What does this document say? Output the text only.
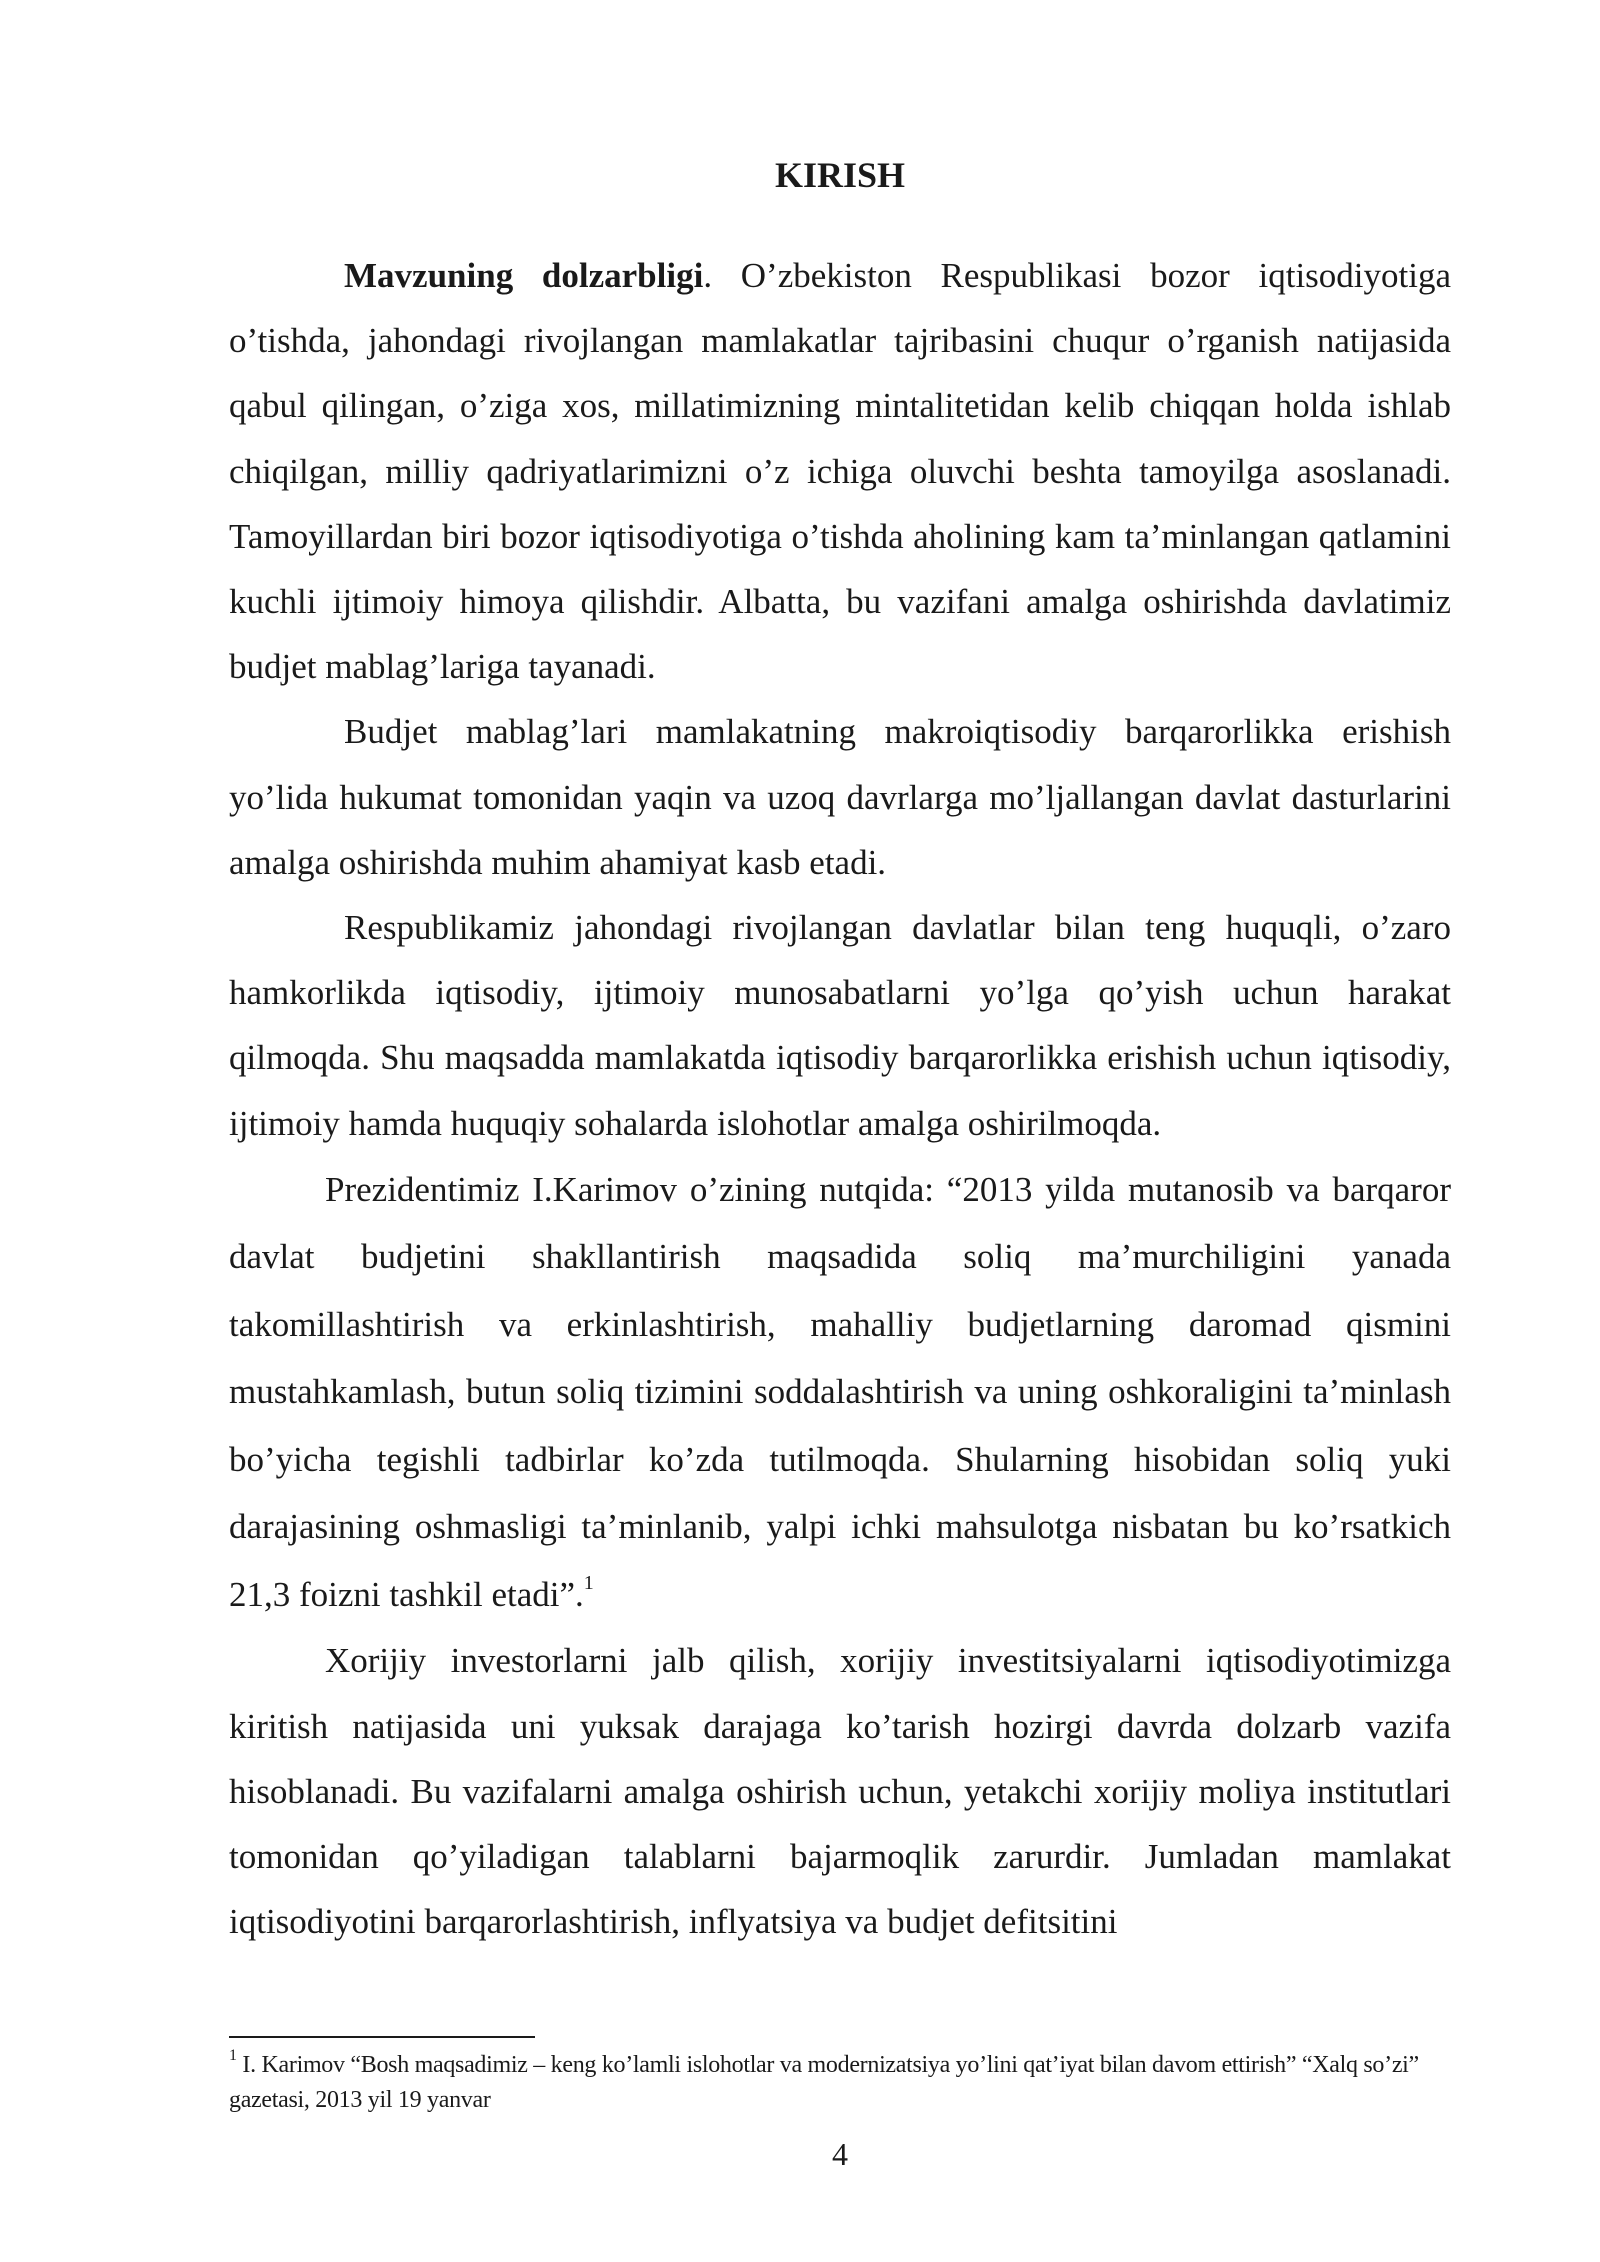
KIRISH

Mavzuning dolzarbligi. O’zbekiston Respublikasi bozor iqtisodiyotiga o’tishda, jahondagi rivojlangan mamlakatlar tajribasini chuqur o’rganish natijasida qabul qilingan, o’ziga xos, millatimizning mintalitetidan kelib chiqqan holda ishlab chiqilgan, milliy qadriyatlarimizni o’z ichiga oluvchi beshta tamoyilga asoslanadi. Tamoyillardan biri bozor iqtisodiyotiga o’tishda aholining kam ta’minlangan qatlamini kuchli ijtimoiy himoya qilishdir. Albatta, bu vazifani amalga oshirishda davlatimiz budjet mablag’lariga tayanadi.

Budjet mablag’lari mamlakatning makroiqtisodiy barqarorlikka erishish yo’lida hukumat tomonidan yaqin va uzoq davrlarga mo’ljallangan davlat dasturlarini amalga oshirishda muhim ahamiyat kasb etadi.

Respublikamiz jahondagi rivojlangan davlatlar bilan teng huquqli, o’zaro hamkorlikda iqtisodiy, ijtimoiy munosabatlarni yo’lga qo’yish uchun harakat qilmoqda. Shu maqsadda mamlakatda iqtisodiy barqarorlikka erishish uchun iqtisodiy, ijtimoiy hamda huquqiy sohalarda islohotlar amalga oshirilmoqda.

Prezidentimiz I.Karimov o’zining nutqida: “2013 yilda mutanosib va barqaror davlat budjetini shakllantirish maqsadida soliq ma’murchiligini yanada takomillashtirish va erkinlashtirish, mahalliy budjetlarning daromad qismini mustahkamlash, butun soliq tizimini soddalashtirish va uning oshkoraligini ta’minlash bo’yicha tegishli tadbirlar ko’zda tutilmoqda. Shularning hisobidan soliq yuki darajasining oshmasligi ta’minlanib, yalpi ichki mahsulotga nisbatan bu ko’rsatkich 21,3 foizni tashkil etadi”.$^1$

Xorijiy investorlarni jalb qilish, xorijiy investitsiyalarni iqtisodiyotimizga kiritish natijasida uni yuksak darajaga ko’tarish hozirgi davrda dolzarb vazifa hisoblanadi. Bu vazifalarni amalga oshirish uchun, yetakchi xorijiy moliya institutlari tomonidan qo’yiladigan talablarni bajarmoqlik zarurdir. Jumladan mamlakat iqtisodiyotini barqarorlashtirish, inflyatsiya va budjet defitsitini

$^1$ I. Karimov “Bosh maqsadimiz – keng ko’lamli islohotlar va modernizatsiya yo’lini qat’iyat bilan davom ettirish” “Xalq so’zi” gazetasi, 2013 yil 19 yanvar

4
